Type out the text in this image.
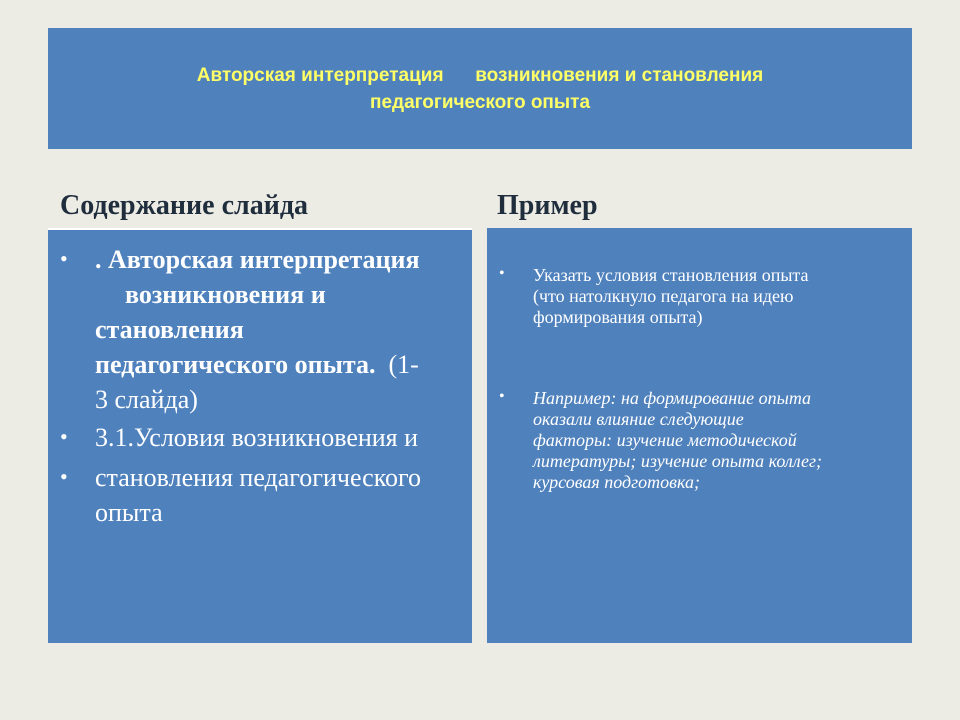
Авторская интерпретация      возникновения и становления
педагогического опыта
Содержание слайда	Пример
• . Авторская интерпретация
возникновения и
становления
педагогического опыта. (1-
3 слайда)
• 3.1.Условия возникновения и
• становления педагогического
опыта
• Указать условия становления опыта
(что натолкнуло педагога на идею
формирования опыта)
• Например: на формирование опыта
оказали влияние следующие
факторы: изучение методической
литературы; изучение опыта коллег;
курсовая подготовка;
